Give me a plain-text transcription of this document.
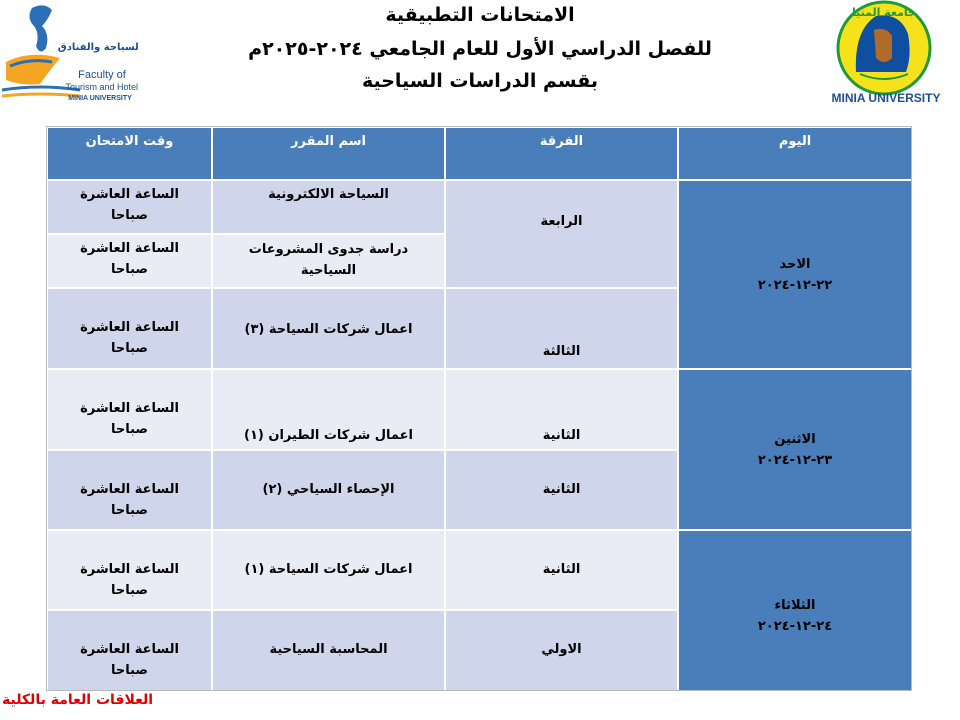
السياحة والفنادق
Faculty of
Tourism and Hotels
MINIA UNIVERSITY
جامعة المنيا
MINIA UNIVERSITY
الامتحانات التطبيقية
للفصل الدراسي الأول للعام الجامعي ٢٠٢٤-٢٠٢٥م
بقسم الدراسات السياحية
اليوم
الفرقة
اسم المقرر
وقت الامتحان
الاحد
٢٢-١٢-٢٠٢٤
الاثنين
٢٣-١٢-٢٠٢٤
الثلاثاء
٢٤-١٢-٢٠٢٤
الرابعة
الثالثة
الثانية
الثانية
الثانية
الاولي
السياحة الالكترونية
دراسة جدوى المشروعات السياحية
اعمال شركات السياحة (٣)
اعمال شركات الطيران (١)
الإحصاء السياحي (٢)
اعمال شركات السياحة (١)
المحاسبة السياحية
الساعة العاشرة صباحا
الساعة العاشرة صباحا
الساعة العاشرة صباحا
الساعة العاشرة صباحا
الساعة العاشرة صباحا
الساعة العاشرة صباحا
الساعة العاشرة صباحا
العلاقات العامة بالكلية
